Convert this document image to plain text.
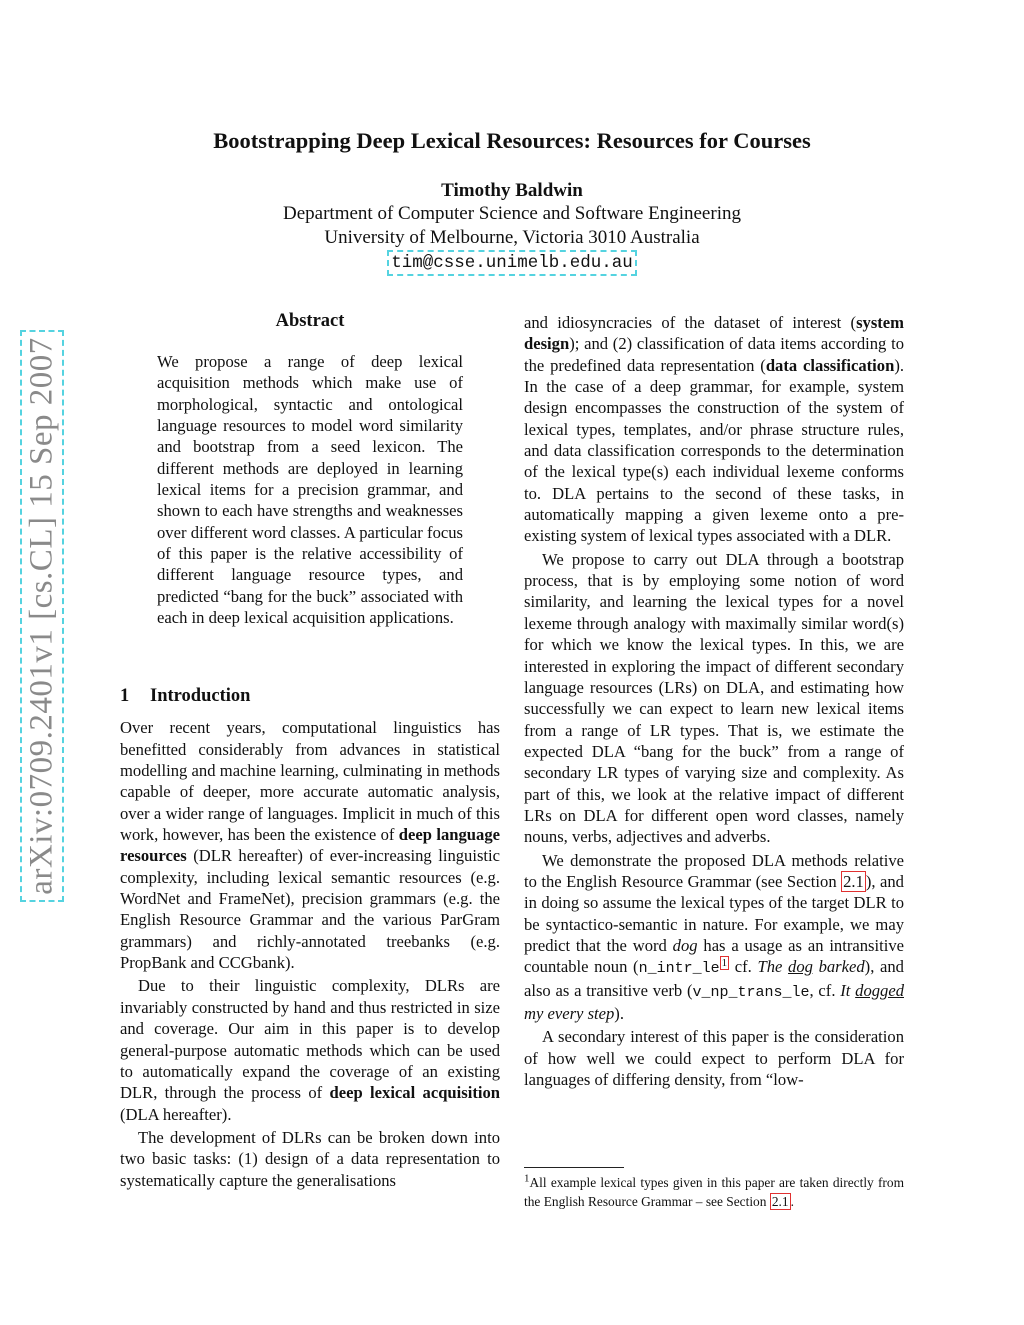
arXiv:0709.2401v1 [cs.CL] 15 Sep 2007
Bootstrapping Deep Lexical Resources: Resources for Courses
Timothy Baldwin
Department of Computer Science and Software Engineering
University of Melbourne, Victoria 3010 Australia
tim@csse.unimelb.edu.au
Abstract
We propose a range of deep lexical acquisition methods which make use of morphological, syntactic and ontological language resources to model word similarity and bootstrap from a seed lexicon. The different methods are deployed in learning lexical items for a precision grammar, and shown to each have strengths and weaknesses over different word classes. A particular focus of this paper is the relative accessibility of different language resource types, and predicted “bang for the buck” associated with each in deep lexical acquisition applications.
1 Introduction

Over recent years, computational linguistics has benefitted considerably from advances in statistical modelling and machine learning, culminating in methods capable of deeper, more accurate automatic analysis, over a wider range of languages. Implicit in much of this work, however, has been the existence of deep language resources (DLR hereafter) of ever-increasing linguistic complexity, including lexical semantic resources (e.g. WordNet and FrameNet), precision grammars (e.g. the English Resource Grammar and the various ParGram grammars) and richly-annotated treebanks (e.g. PropBank and CCGbank).

Due to their linguistic complexity, DLRs are invariably constructed by hand and thus restricted in size and coverage. Our aim in this paper is to develop general-purpose automatic methods which can be used to automatically expand the coverage of an existing DLR, through the process of deep lexical acquisition (DLA hereafter).

The development of DLRs can be broken down into two basic tasks: (1) design of a data representation to systematically capture the generalisations

and idiosyncracies of the dataset of interest (system design); and (2) classification of data items according to the predefined data representation (data classification). In the case of a deep grammar, for example, system design encompasses the construction of the system of lexical types, templates, and/or phrase structure rules, and data classification corresponds to the determination of the lexical type(s) each individual lexeme conforms to. DLA pertains to the second of these tasks, in automatically mapping a given lexeme onto a pre-existing system of lexical types associated with a DLR.

We propose to carry out DLA through a bootstrap process, that is by employing some notion of word similarity, and learning the lexical types for a novel lexeme through analogy with maximally similar word(s) for which we know the lexical types. In this, we are interested in exploring the impact of different secondary language resources (LRs) on DLA, and estimating how successfully we can expect to learn new lexical items from a range of LR types. That is, we estimate the expected DLA “bang for the buck” from a range of secondary LR types of varying size and complexity. As part of this, we look at the relative impact of different LRs on DLA for different open word classes, namely nouns, verbs, adjectives and adverbs.

We demonstrate the proposed DLA methods relative to the English Resource Grammar (see Section 2.1 ), and in doing so assume the lexical types of the target DLR to be syntactico-semantic in nature. For example, we may predict that the word dog has a usage as an intransitive countable noun (n_intr_le $^1$ cf. The dog barked), and also as a transitive verb (v_np_trans_le, cf. It dogged my every step).

A secondary interest of this paper is the consideration of how well we could expect to perform DLA for languages of differing density, from “low-

$^1$All example lexical types given in this paper are taken directly from the English Resource Grammar – see Section 2.1 .
